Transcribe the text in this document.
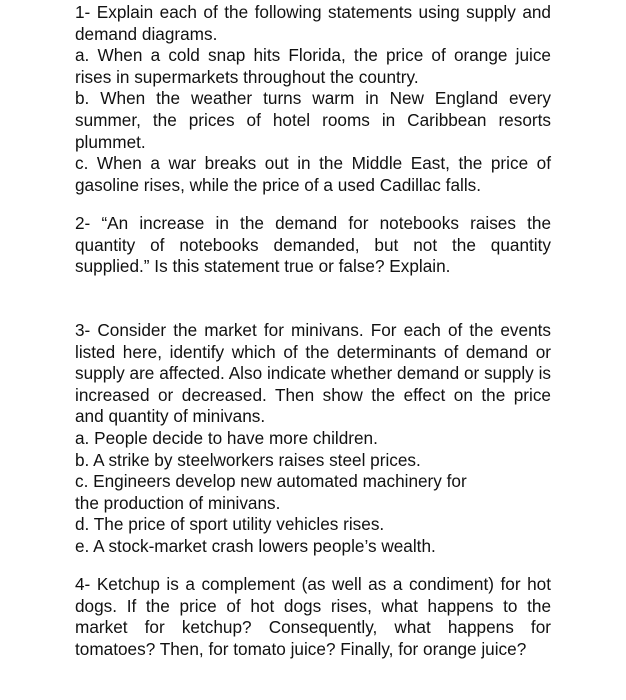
1- Explain each of the following statements using supply and demand diagrams.

a. When a cold snap hits Florida, the price of orange juice rises in supermarkets throughout the country.

b. When the weather turns warm in New England every summer, the prices of hotel rooms in Caribbean resorts plummet.

c. When a war breaks out in the Middle East, the price of gasoline rises, while the price of a used Cadillac falls.

2- “An increase in the demand for notebooks raises the quantity of notebooks demanded, but not the quantity supplied.” Is this statement true or false? Explain.

3- Consider the market for minivans. For each of the events listed here, identify which of the determinants of demand or supply are affected. Also indicate whether demand or supply is increased or decreased. Then show the effect on the price and quantity of minivans.

a. People decide to have more children.

b. A strike by steelworkers raises steel prices.

c. Engineers develop new automated machinery for

the production of minivans.

d. The price of sport utility vehicles rises.

e. A stock-market crash lowers people’s wealth.

4- Ketchup is a complement (as well as a condiment) for hot dogs. If the price of hot dogs rises, what happens to the market for ketchup? Consequently, what happens for tomatoes? Then, for tomato juice? Finally, for orange juice?
